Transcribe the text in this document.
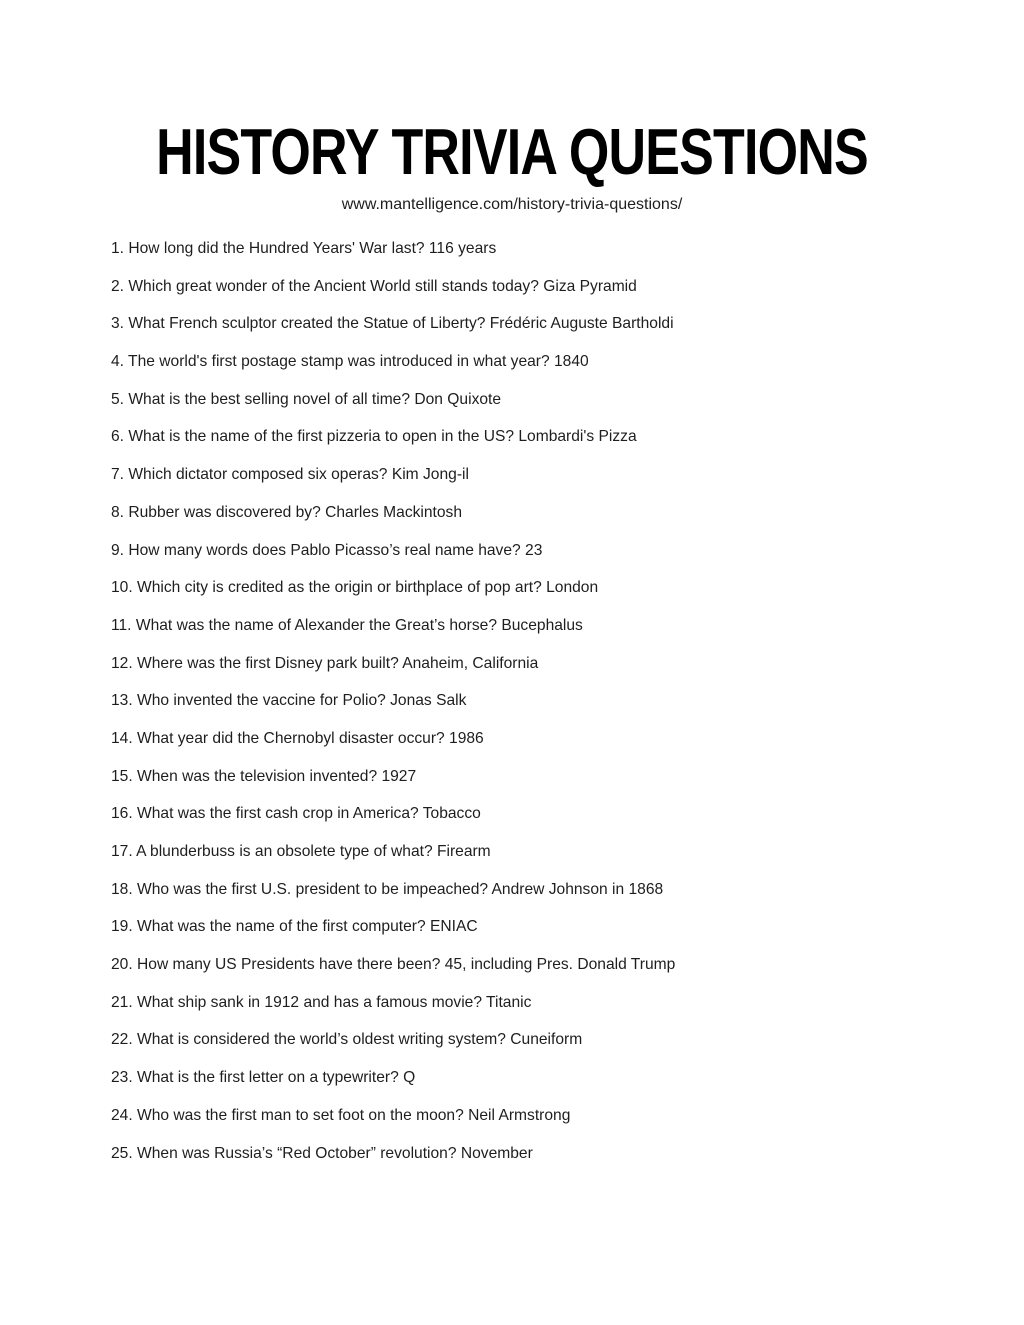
HISTORY TRIVIA QUESTIONS
www.mantelligence.com/history-trivia-questions/
1. How long did the Hundred Years' War last? 116 years
2. Which great wonder of the Ancient World still stands today? Giza Pyramid
3. What French sculptor created the Statue of Liberty? Frédéric Auguste Bartholdi
4. The world's first postage stamp was introduced in what year? 1840
5. What is the best selling novel of all time? Don Quixote
6. What is the name of the first pizzeria to open in the US? Lombardi's Pizza
7. Which dictator composed six operas? Kim Jong-il
8. Rubber was discovered by? Charles Mackintosh
9. How many words does Pablo Picasso’s real name have? 23
10. Which city is credited as the origin or birthplace of pop art? London
11. What was the name of Alexander the Great’s horse? Bucephalus
12. Where was the first Disney park built? Anaheim, California
13. Who invented the vaccine for Polio? Jonas Salk
14. What year did the Chernobyl disaster occur? 1986
15. When was the television invented? 1927
16. What was the first cash crop in America? Tobacco
17. A blunderbuss is an obsolete type of what? Firearm
18. Who was the first U.S. president to be impeached? Andrew Johnson in 1868
19. What was the name of the first computer? ENIAC
20. How many US Presidents have there been? 45, including Pres. Donald Trump
21. What ship sank in 1912 and has a famous movie? Titanic
22. What is considered the world’s oldest writing system? Cuneiform
23. What is the first letter on a typewriter? Q
24. Who was the first man to set foot on the moon? Neil Armstrong
25. When was Russia’s “Red October” revolution? November
